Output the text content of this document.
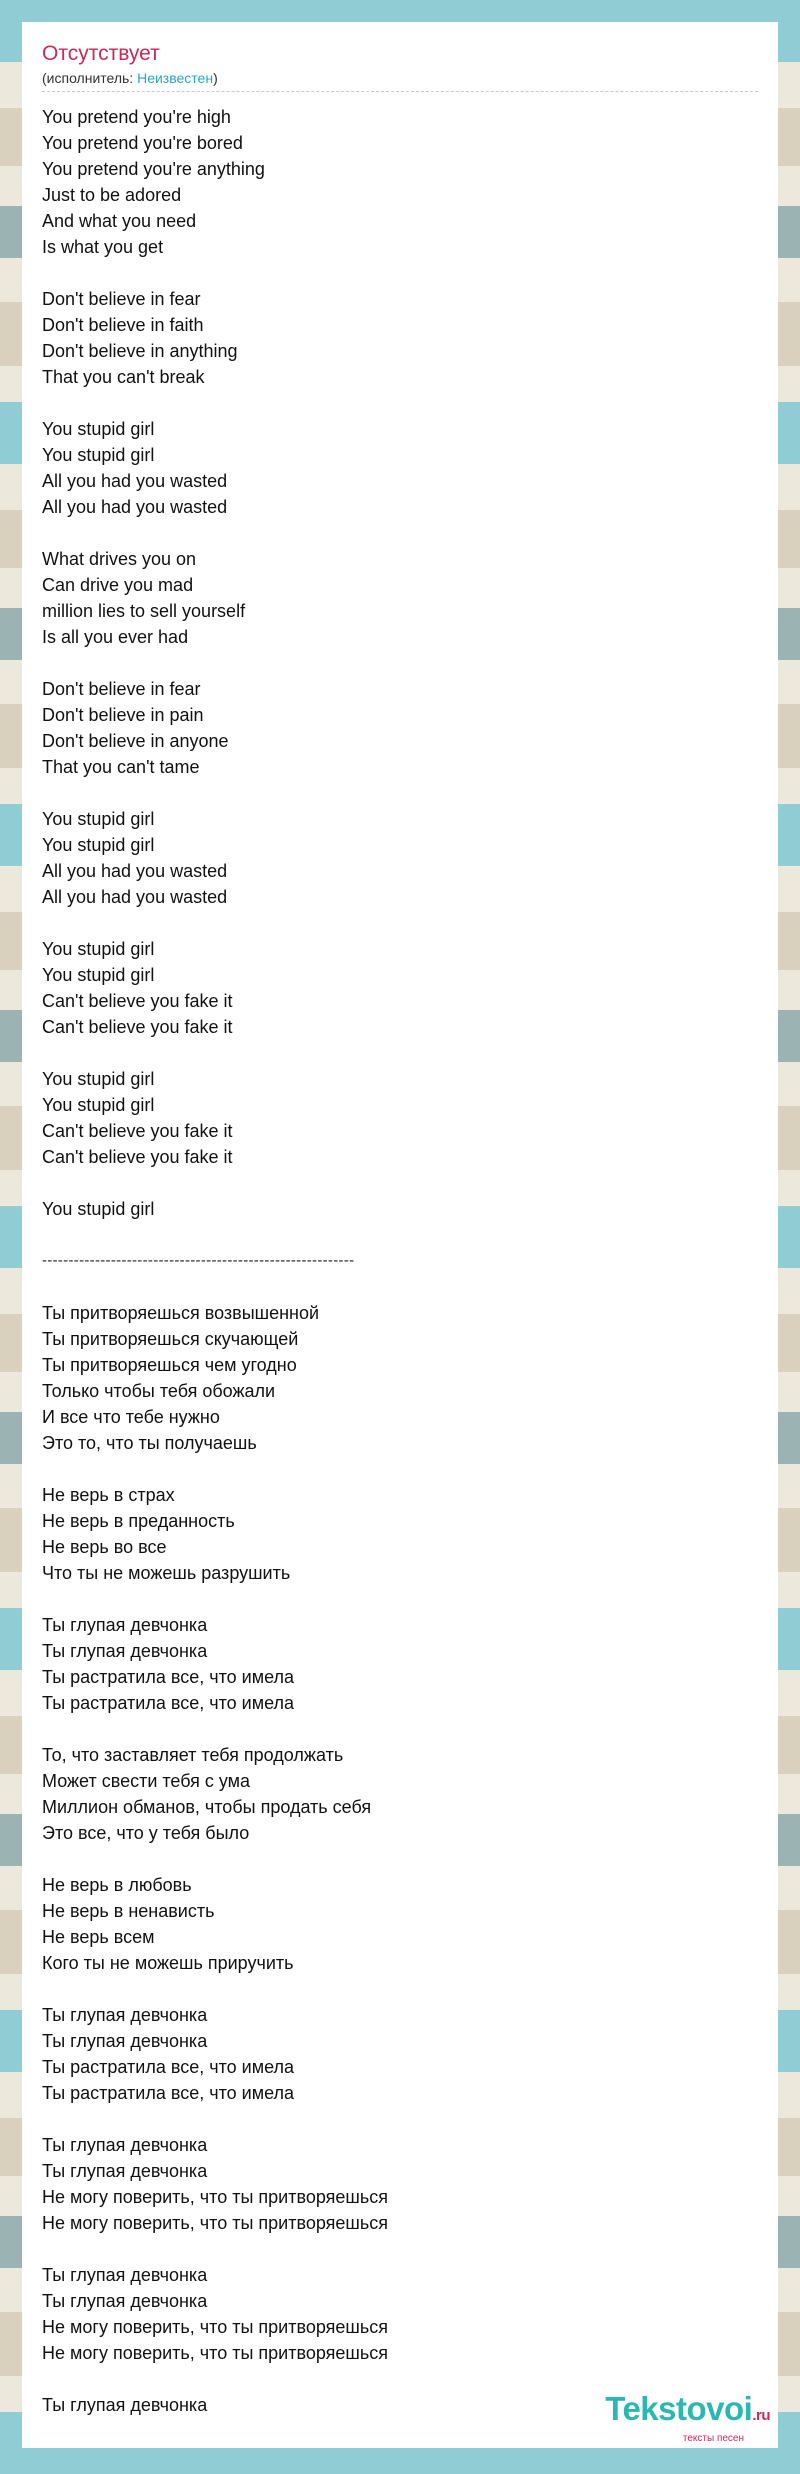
Отсутствует
(исполнитель: Неизвестен)
You pretend you're high
You pretend you're bored
You pretend you're anything
Just to be adored
And what you need
Is what you get
Don't believe in fear
Don't believe in faith
Don't believe in anything
That you can't break
You stupid girl
You stupid girl
All you had you wasted
All you had you wasted
What drives you on
Can drive you mad
million lies to sell yourself
Is all you ever had
Don't believe in fear
Don't believe in pain
Don't believe in anyone
That you can't tame
You stupid girl
You stupid girl
All you had you wasted
All you had you wasted
You stupid girl
You stupid girl
Can't believe you fake it
Can't believe you fake it
You stupid girl
You stupid girl
Can't believe you fake it
Can't believe you fake it
You stupid girl
-----------------------------------------------------------
Ты притворяешься возвышенной
Ты притворяешься скучающей
Ты притворяешься чем угодно
Только чтобы тебя обожали
И все что тебе нужно
Это то, что ты получаешь
Не верь в страх
Не верь в преданность
Не верь во все
Что ты не можешь разрушить
Ты глупая девчонка
Ты глупая девчонка
Ты растратила все, что имела
Ты растратила все, что имела
То, что заставляет тебя продолжать
Может свести тебя с ума
Миллион обманов, чтобы продать себя
Это все, что у тебя было
Не верь в любовь
Не верь в ненависть
Не верь всем
Кого ты не можешь приручить
Ты глупая девчонка
Ты глупая девчонка
Ты растратила все, что имела
Ты растратила все, что имела
Ты глупая девчонка
Ты глупая девчонка
Не могу поверить, что ты притворяешься
Не могу поверить, что ты притворяешься
Ты глупая девчонка
Ты глупая девчонка
Не могу поверить, что ты притворяешься
Не могу поверить, что ты притворяешься
Ты глупая девчонка	Tekstovoi.ru
тексты песен
